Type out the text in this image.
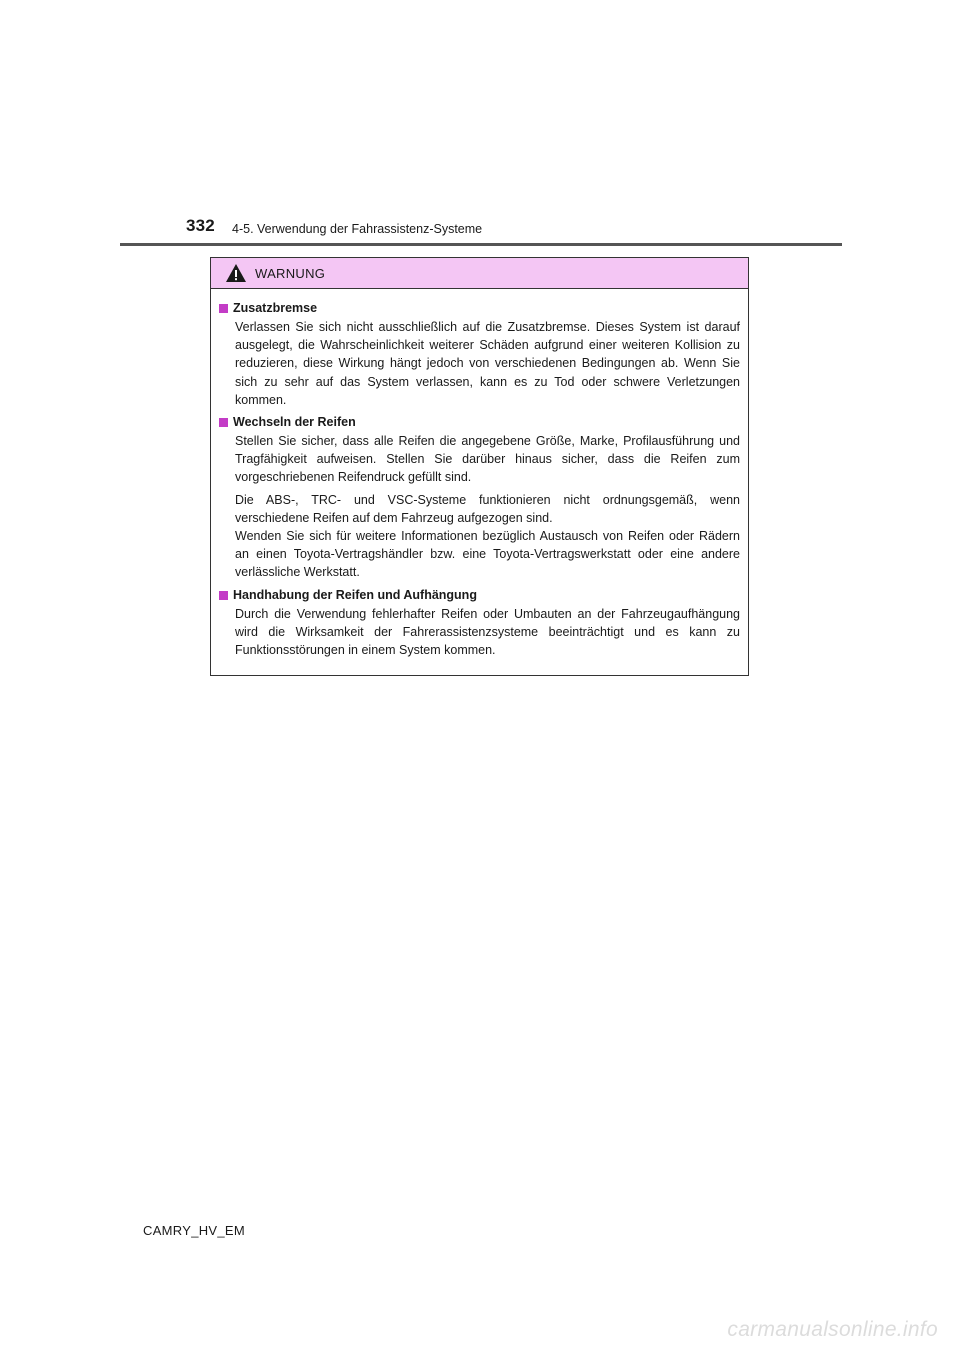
332 4-5. Verwendung der Fahrassistenz-Systeme
WARNUNG
Zusatzbremse

Verlassen Sie sich nicht ausschließlich auf die Zusatzbremse. Dieses System ist darauf ausgelegt, die Wahrscheinlichkeit weiterer Schäden aufgrund einer weiteren Kollision zu reduzieren, diese Wirkung hängt jedoch von verschiedenen Bedingungen ab. Wenn Sie sich zu sehr auf das System verlassen, kann es zu Tod oder schwere Verletzungen kommen.

Wechseln der Reifen

Stellen Sie sicher, dass alle Reifen die angegebene Größe, Marke, Profilausführung und Tragfähigkeit aufweisen. Stellen Sie darüber hinaus sicher, dass die Reifen zum vorgeschriebenen Reifendruck gefüllt sind.

Die ABS-, TRC- und VSC-Systeme funktionieren nicht ordnungsgemäß, wenn verschiedene Reifen auf dem Fahrzeug aufgezogen sind.

Wenden Sie sich für weitere Informationen bezüglich Austausch von Reifen oder Rädern an einen Toyota-Vertragshändler bzw. eine Toyota-Vertragswerkstatt oder eine andere verlässliche Werkstatt.

Handhabung der Reifen und Aufhängung

Durch die Verwendung fehlerhafter Reifen oder Umbauten an der Fahrzeugaufhängung wird die Wirksamkeit der Fahrerassistenzsysteme beeinträchtigt und es kann zu Funktionsstörungen in einem System kommen.

CAMRY_HV_EM
carmanualsonline.info
